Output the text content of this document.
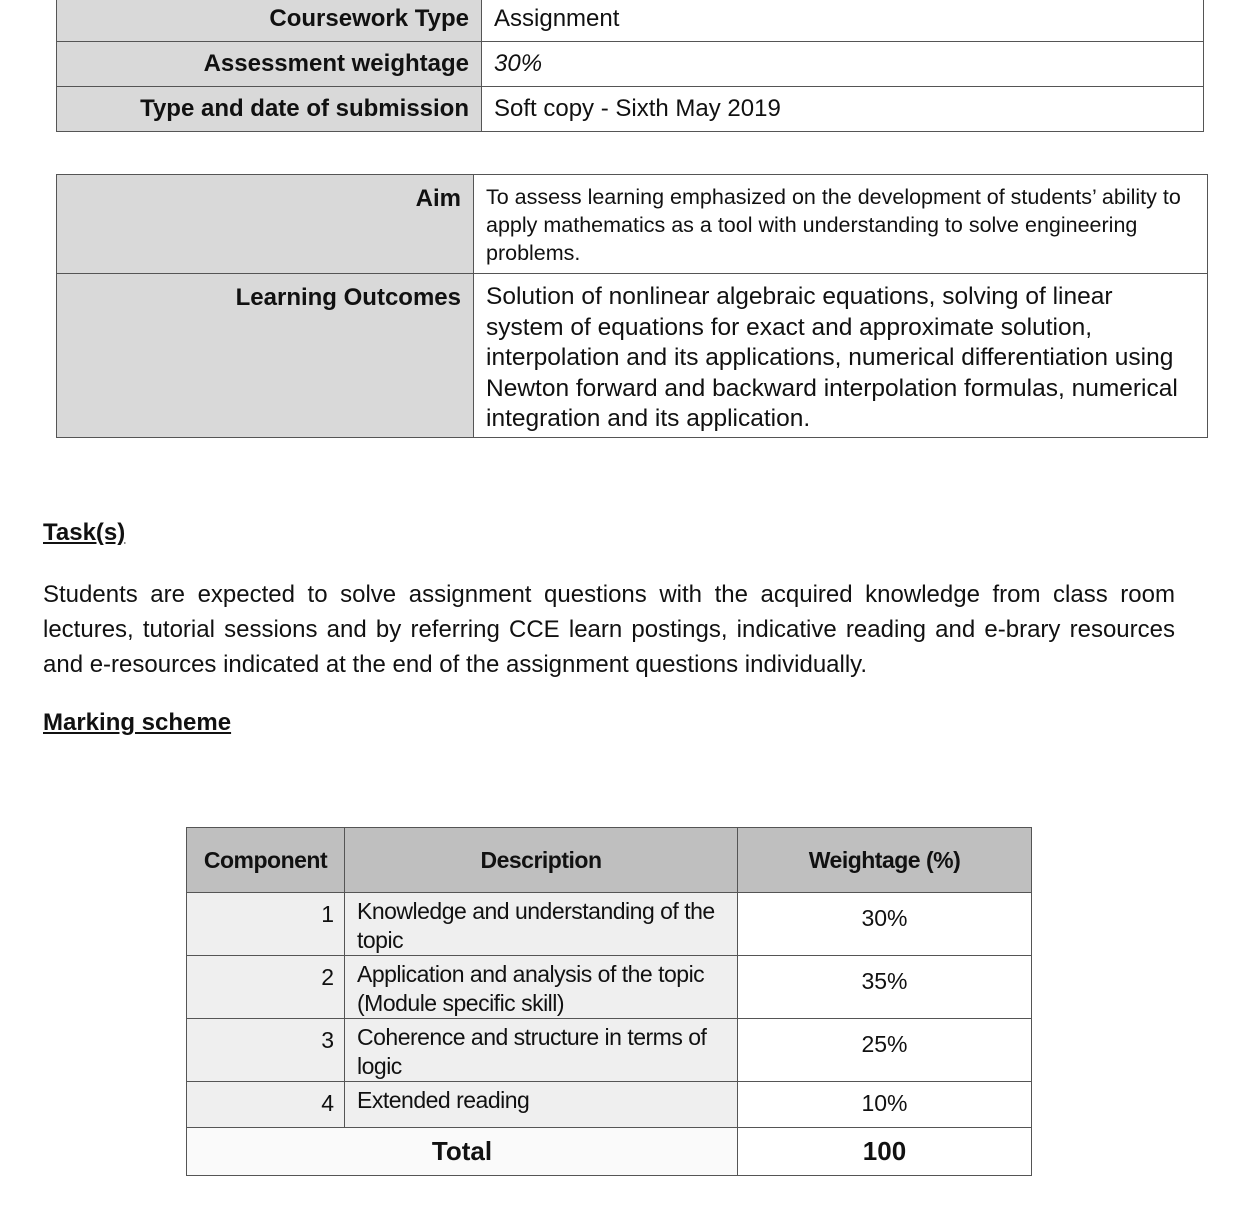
Coursework Type	Assignment
Assessment weightage	30%
Type and date of submission	Soft copy - Sixth May 2019
Aim	To assess learning emphasized on the development of students’ ability to apply mathematics as a tool with understanding to solve engineering problems.
Learning Outcomes	Solution of nonlinear algebraic equations, solving of linear system of equations for exact and approximate solution, interpolation and its applications, numerical differentiation using Newton forward and backward interpolation formulas, numerical integration and its application.
Task(s)
Students are expected to solve assignment questions with the acquired knowledge from class room lectures, tutorial sessions and by referring CCE learn postings, indicative reading and e-brary resources and e-resources indicated at the end of the assignment questions individually.
Marking scheme
Component	Description	Weightage (%)
1	Knowledge and understanding of the topic	30%
2	Application and analysis of the topic (Module specific skill)	35%
3	Coherence and structure in terms of logic	25%
4	Extended reading	10%
Total		100
